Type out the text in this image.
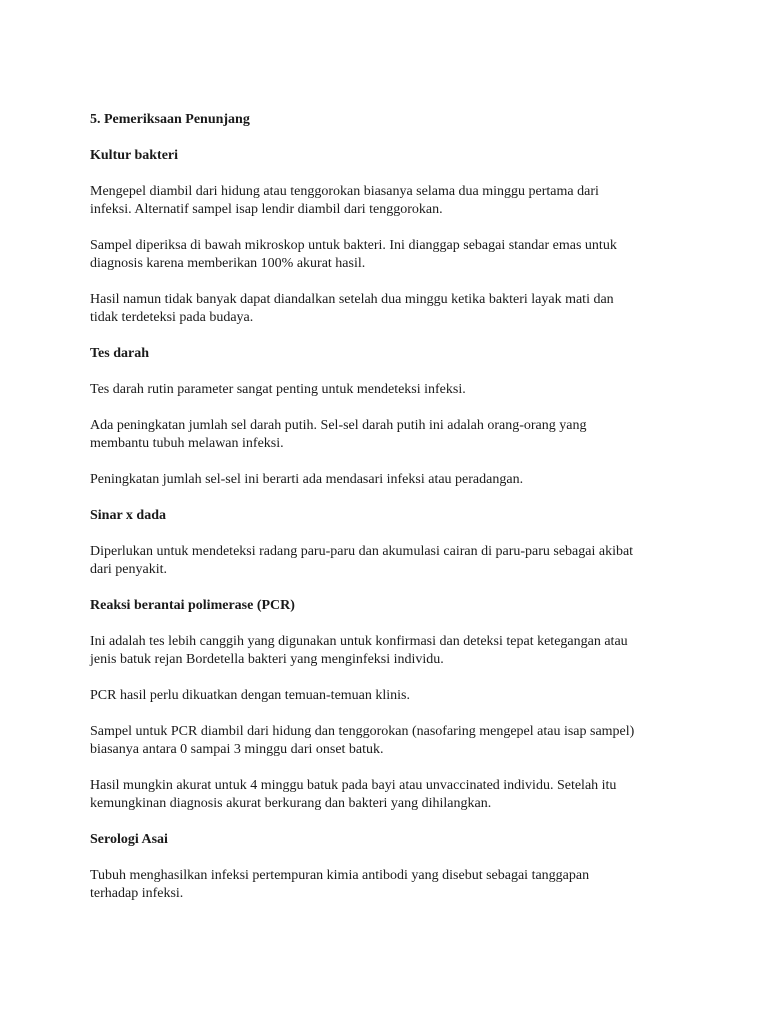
5. Pemeriksaan Penunjang
Kultur bakteri
Mengepel diambil dari hidung atau tenggorokan biasanya selama dua minggu pertama dari
infeksi. Alternatif sampel isap lendir diambil dari tenggorokan.
Sampel diperiksa di bawah mikroskop untuk bakteri. Ini dianggap sebagai standar emas untuk
diagnosis karena memberikan 100% akurat hasil.
Hasil namun tidak banyak dapat diandalkan setelah dua minggu ketika bakteri layak mati dan
tidak terdeteksi pada budaya.
Tes darah
Tes darah rutin parameter sangat penting untuk mendeteksi infeksi.
Ada peningkatan jumlah sel darah putih. Sel-sel darah putih ini adalah orang-orang yang
membantu tubuh melawan infeksi.
Peningkatan jumlah sel-sel ini berarti ada mendasari infeksi atau peradangan.
Sinar x dada
Diperlukan untuk mendeteksi radang paru-paru dan akumulasi cairan di paru-paru sebagai akibat
dari penyakit.
Reaksi berantai polimerase (PCR)
Ini adalah tes lebih canggih yang digunakan untuk konfirmasi dan deteksi tepat ketegangan atau
jenis batuk rejan Bordetella bakteri yang menginfeksi individu.
PCR hasil perlu dikuatkan dengan temuan-temuan klinis.
Sampel untuk PCR diambil dari hidung dan tenggorokan (nasofaring mengepel atau isap sampel)
biasanya antara 0 sampai 3 minggu dari onset batuk.
Hasil mungkin akurat untuk 4 minggu batuk pada bayi atau unvaccinated individu. Setelah itu
kemungkinan diagnosis akurat berkurang dan bakteri yang dihilangkan.
Serologi Asai
Tubuh menghasilkan infeksi pertempuran kimia antibodi yang disebut sebagai tanggapan
terhadap infeksi.
